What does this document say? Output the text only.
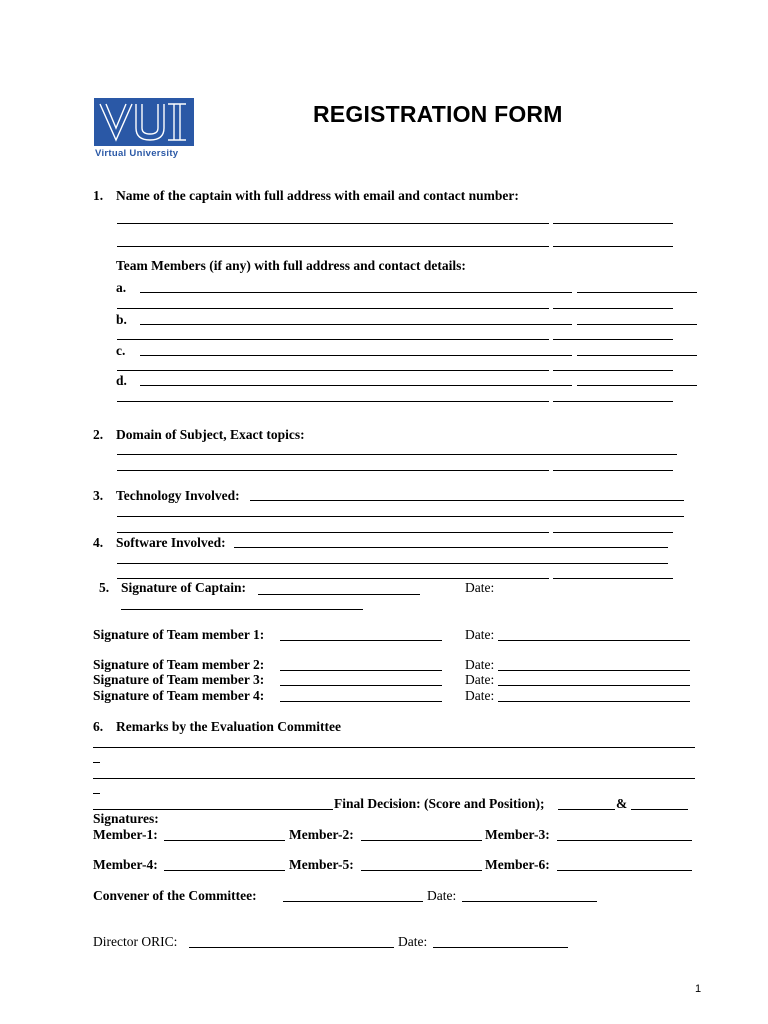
Virtual University
REGISTRATION FORM
1. Name of the captain with full address with email and contact number:
Team Members (if any) with full address and contact details:
a.
b.
c.
d.
2. Domain of Subject, Exact topics:
3. Technology Involved:
4. Software Involved:
5. Signature of Captain:	Date:
Signature of Team member 1:	Date:
Signature of Team member 2:	Date:
Signature of Team member 3:	Date:
Signature of Team member 4:	Date:
6. Remarks by the Evaluation Committee
Final Decision: (Score and Position);	&
Signatures:
Member-1:	Member-2:	Member-3:
Member-4:	Member-5:	Member-6:
Convener of the Committee:	Date:
Director ORIC:	Date:
1
